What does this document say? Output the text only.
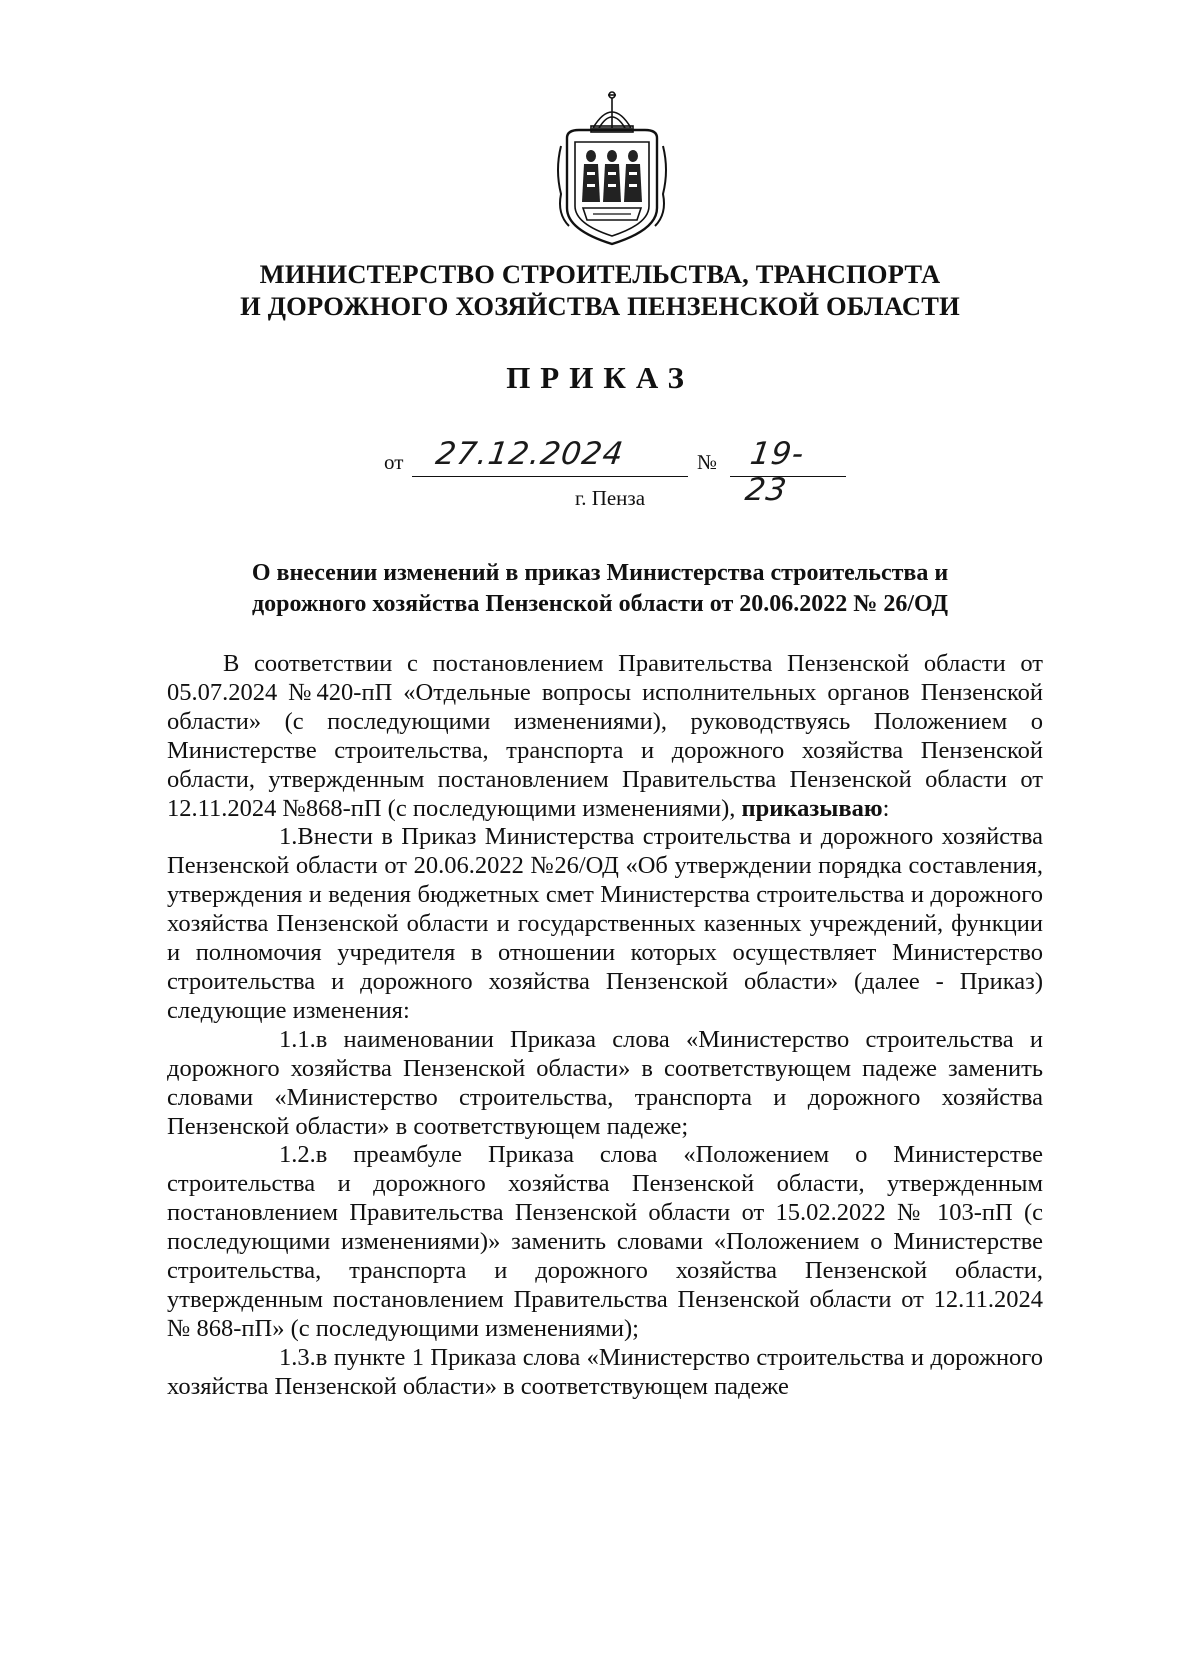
МИНИСТЕРСТВО СТРОИТЕЛЬСТВА, ТРАНСПОРТА
И ДОРОЖНОГО ХОЗЯЙСТВА ПЕНЗЕНСКОЙ ОБЛАСТИ
ПРИКАЗ
от 27.12.2024	№ 19-23
г. Пенза
О внесении изменений в приказ Министерства строительства и
дорожного хозяйства Пензенской области от 20.06.2022 № 26/ОД

В соответствии с постановлением Правительства Пензенской области от 05.07.2024 №420-пП «Отдельные вопросы исполнительных органов Пензенской области» (с последующими изменениями), руководствуясь Положением о Министерстве строительства, транспорта и дорожного хозяйства Пензенской области, утвержденным постановлением Правительства Пензенской области от 12.11.2024 №868-пП (с последующими изменениями), приказываю:

1.Внести в Приказ Министерства строительства и дорожного хозяйства Пензенской области от 20.06.2022 №26/ОД «Об утверждении порядка составления, утверждения и ведения бюджетных смет Министерства строительства и дорожного хозяйства Пензенской области и государственных казенных учреждений, функции и полномочия учредителя в отношении которых осуществляет Министерство строительства и дорожного хозяйства Пензенской области» (далее - Приказ) следующие изменения:

1.1.в наименовании Приказа слова «Министерство строительства и дорожного хозяйства Пензенской области» в соответствующем падеже заменить словами «Министерство строительства, транспорта и дорожного хозяйства Пензенской области» в соответствующем падеже;

1.2.в преамбуле Приказа слова «Положением о Министерстве строительства и дорожного хозяйства Пензенской области, утвержденным постановлением Правительства Пензенской области от 15.02.2022 № 103-пП (с последующими изменениями)» заменить словами «Положением о Министерстве строительства, транспорта и дорожного хозяйства Пензенской области, утвержденным постановлением Правительства Пензенской области от 12.11.2024 № 868-пП» (с последующими изменениями);

1.3.в пункте 1 Приказа слова «Министерство строительства и дорожного хозяйства Пензенской области» в соответствующем падеже
